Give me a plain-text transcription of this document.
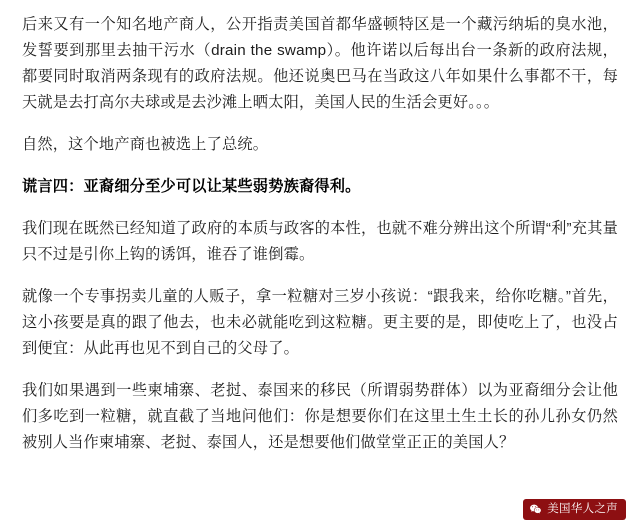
后来又有一个知名地产商人，公开指责美国首都华盛顿特区是一个藏污纳垢的臭水池，发誓要到那里去抽干污水（drain the swamp）。他许诺以后每出台一条新的政府法规，都要同时取消两条现有的政府法规。他还说奥巴马在当政这八年如果什么事都不干，每天就是去打高尔夫球或是去沙滩上晒太阳，美国人民的生活会更好。。。

自然，这个地产商也被选上了总统。

谎言四：亚裔细分至少可以让某些弱势族裔得利。

我们现在既然已经知道了政府的本质与政客的本性，也就不难分辨出这个所谓“利”充其量只不过是引你上钩的诱饵，谁吞了谁倒霉。

就像一个专事拐卖儿童的人贩子，拿一粒糖对三岁小孩说：“跟我来，给你吃糖。”首先，这小孩要是真的跟了他去，也未必就能吃到这粒糖。更主要的是，即使吃上了，也没占到便宜：从此再也见不到自己的父母了。

我们如果遇到一些柬埔寨、老挝、泰国来的移民（所谓弱势群体）以为亚裔细分会让他们多吃到一粒糖，就直截了当地问他们：你是想要你们在这里土生土长的孙儿孙女仍然被别人当作柬埔寨、老挝、泰国人，还是想要他们做堂堂正正的美国人？

美国华人之声
